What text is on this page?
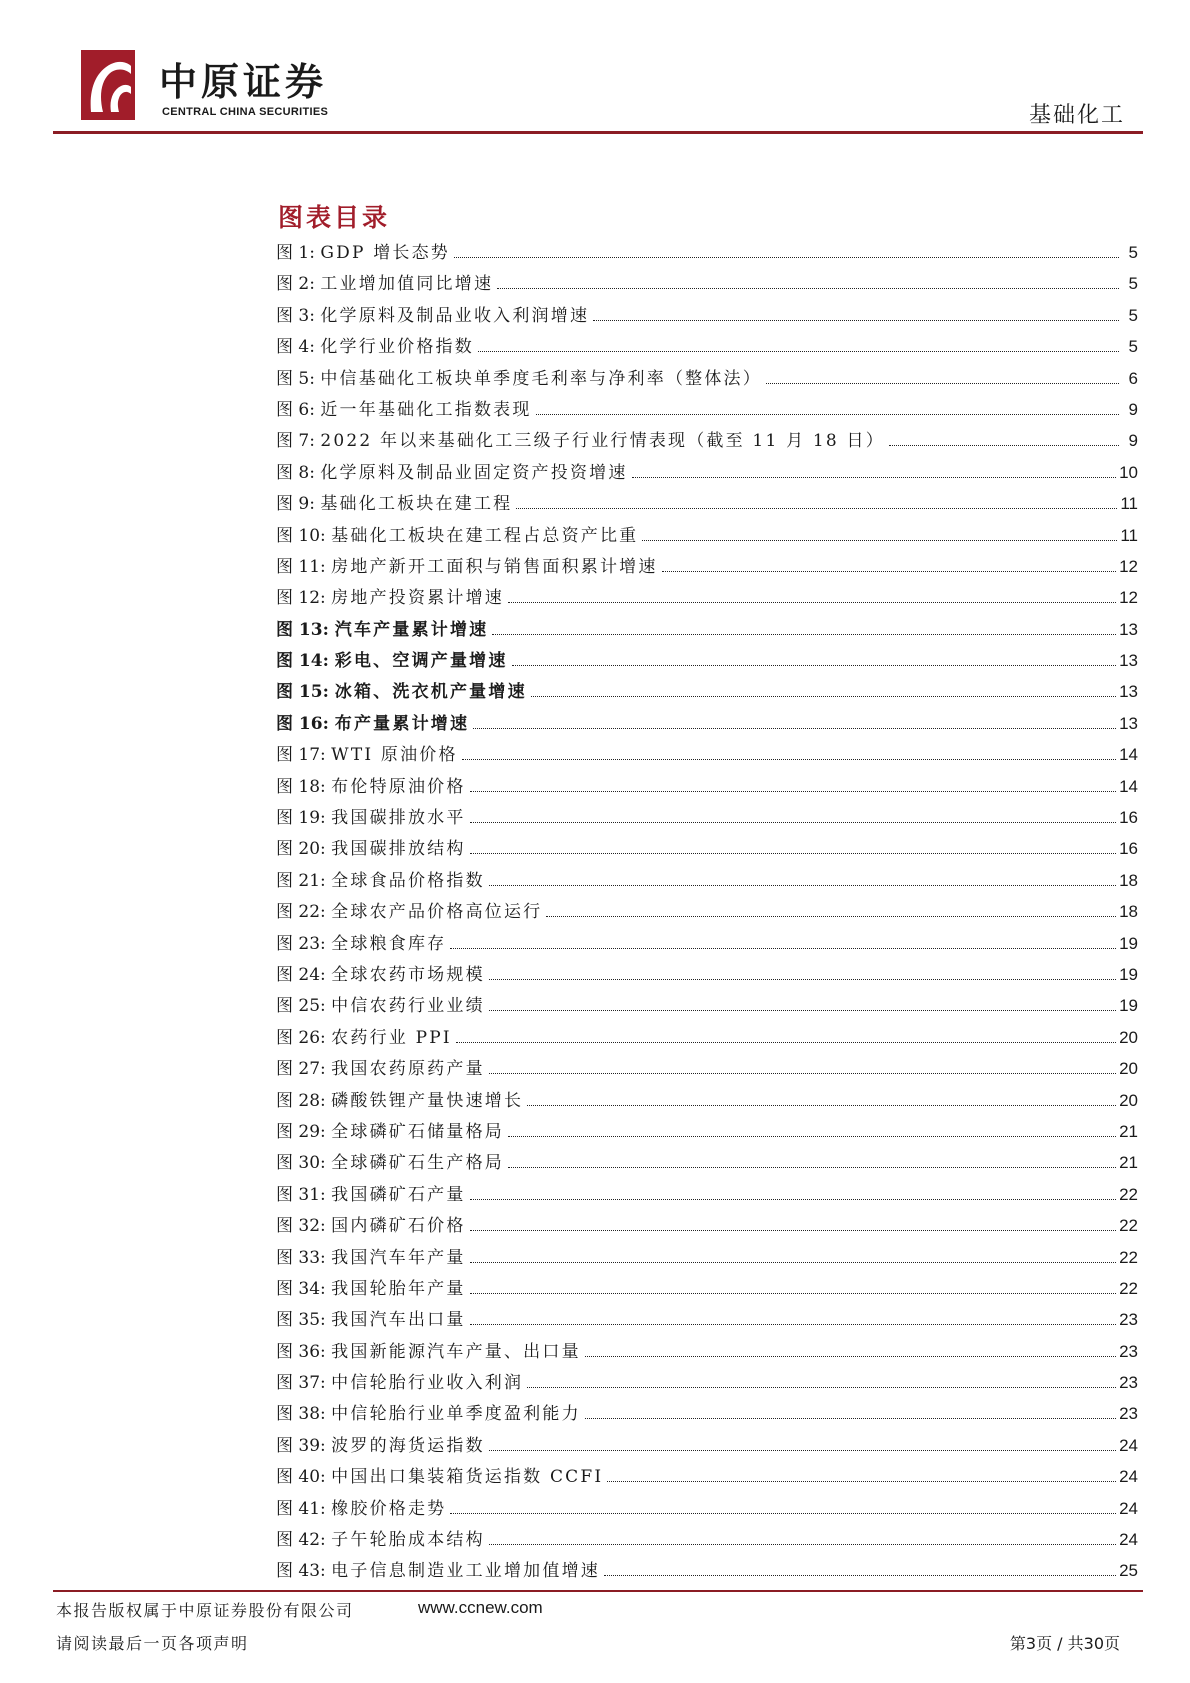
中原证券
CENTRAL CHINA SECURITIES	基础化工
图表目录
图 1: GDP 增长态势	5
图 2: 工业增加值同比增速	5
图 3: 化学原料及制品业收入利润增速	5
图 4: 化学行业价格指数	5
图 5: 中信基础化工板块单季度毛利率与净利率（整体法）	6
图 6: 近一年基础化工指数表现	9
图 7: 2022 年以来基础化工三级子行业行情表现（截至 11 月 18 日）	9
图 8: 化学原料及制品业固定资产投资增速	10
图 9: 基础化工板块在建工程	11
图 10: 基础化工板块在建工程占总资产比重	11
图 11: 房地产新开工面积与销售面积累计增速	12
图 12: 房地产投资累计增速	12
图 13: 汽车产量累计增速	13
图 14: 彩电、空调产量增速	13
图 15: 冰箱、洗衣机产量增速	13
图 16: 布产量累计增速	13
图 17: WTI 原油价格	14
图 18: 布伦特原油价格	14
图 19: 我国碳排放水平	16
图 20: 我国碳排放结构	16
图 21: 全球食品价格指数	18
图 22: 全球农产品价格高位运行	18
图 23: 全球粮食库存	19
图 24: 全球农药市场规模	19
图 25: 中信农药行业业绩	19
图 26: 农药行业 PPI	20
图 27: 我国农药原药产量	20
图 28: 磷酸铁锂产量快速增长	20
图 29: 全球磷矿石储量格局	21
图 30: 全球磷矿石生产格局	21
图 31: 我国磷矿石产量	22
图 32: 国内磷矿石价格	22
图 33: 我国汽车年产量	22
图 34: 我国轮胎年产量	22
图 35: 我国汽车出口量	23
图 36: 我国新能源汽车产量、出口量	23
图 37: 中信轮胎行业收入利润	23
图 38: 中信轮胎行业单季度盈利能力	23
图 39: 波罗的海货运指数	24
图 40: 中国出口集装箱货运指数 CCFI	24
图 41: 橡胶价格走势	24
图 42: 子午轮胎成本结构	24
图 43: 电子信息制造业工业增加值增速	25
本报告版权属于中原证券股份有限公司	www.ccnew.com
请阅读最后一页各项声明	第3页 / 共30页
